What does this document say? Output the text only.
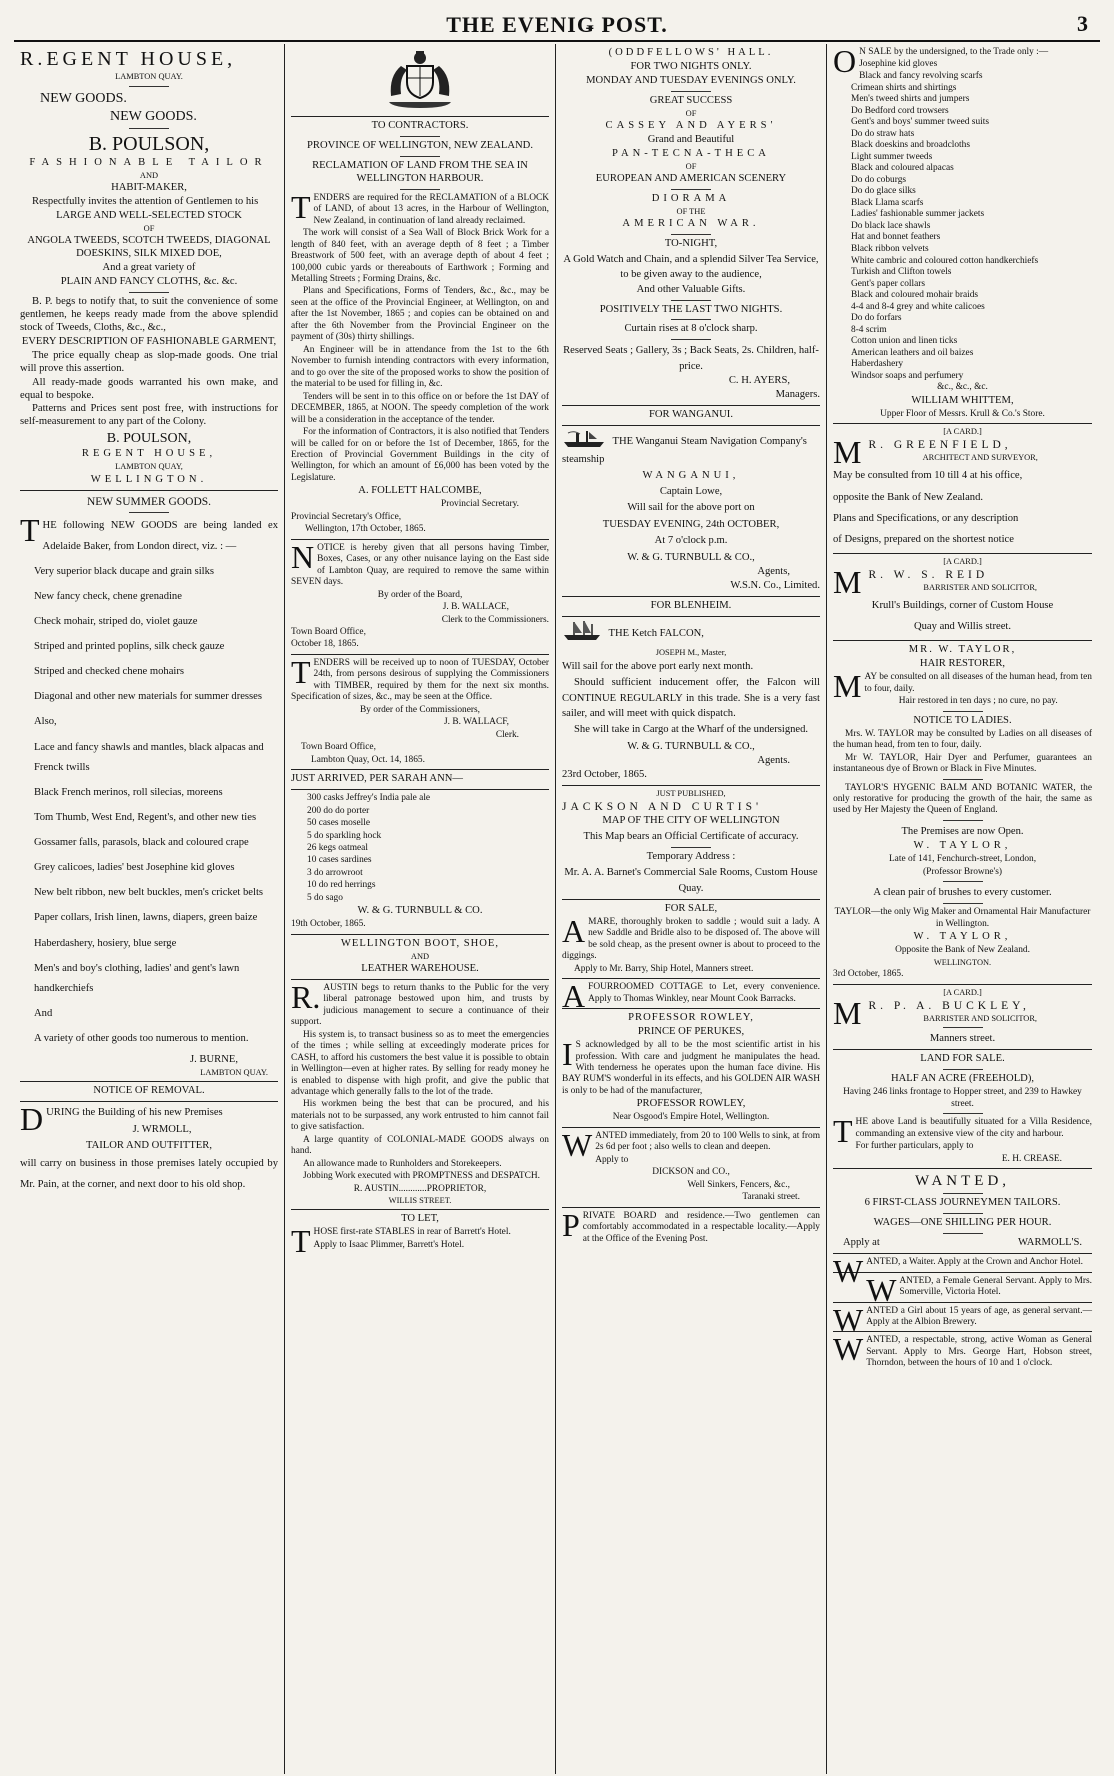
THE EVENIǤ POST.	3

R.EGENT HOUSE,

LAMBTON QUAY.

NEW GOODS.

NEW GOODS.

B. POULSON,

FASHIONABLE TAILOR

AND

HABIT-MAKER,

Respectfully invites the attention of Gentlemen to his

LARGE AND WELL-SELECTED STOCK

OF

ANGOLA TWEEDS, SCOTCH TWEEDS, DIAGONAL DOESKINS, SILK MIXED DOE,

And a great variety of

PLAIN AND FANCY CLOTHS, &c. &c.

B. P. begs to notify that, to suit the convenience of some gentlemen, he keeps ready made from the above splendid stock of Tweeds, Cloths, &c., &c.,

EVERY DESCRIPTION OF FASHIONABLE GARMENT,

The price equally cheap as slop-made goods. One trial will prove this assertion.

All ready-made goods warranted his own make, and equal to bespoke.

Patterns and Prices sent post free, with instructions for self-measurement to any part of the Colony.

B. POULSON,

REGENT HOUSE,

LAMBTON QUAY,

WELLINGTON.

NEW SUMMER GOODS.

THE following NEW GOODS are being landed ex Adelaide Baker, from London direct, viz. : —

Very superior black ducape and grain silks

New fancy check, chene grenadine

Check mohair, striped do, violet gauze

Striped and printed poplins, silk check gauze

Striped and checked chene mohairs

Diagonal and other new materials for summer dresses

Also,

Lace and fancy shawls and mantles, black alpacas and Frenck twills

Black French merinos, roll silecias, moreens

Tom Thumb, West End, Regent's, and other new ties

Gossamer falls, parasols, black and coloured crape

Grey calicoes, ladies' best Josephine kid gloves

New belt ribbon, new belt buckles, men's cricket belts

Paper collars, Irish linen, lawns, diapers, green baize

Haberdashery, hosiery, blue serge

Men's and boy's clothing, ladies' and gent's lawn handkerchiefs

And

A variety of other goods too numerous to mention.

J. BURNE,

LAMBTON QUAY.

NOTICE OF REMOVAL.

DURING the Building of his new Premises

J. WRMOLL,

TAILOR AND OUTFITTER,

will carry on business in those premises lately occupied by Mr. Pain, at the corner, and next door to his old shop.

TO CONTRACTORS.

PROVINCE OF WELLINGTON, NEW ZEALAND.

RECLAMATION OF LAND FROM THE SEA IN WELLINGTON HARBOUR.

TENDERS are required for the RECLAMATION of a BLOCK of LAND, of about 13 acres, in the Harbour of Wellington, New Zealand, in continuation of land already reclaimed.

The work will consist of a Sea Wall of Block Brick Work for a length of 840 feet, with an average depth of 8 feet ; a Timber Breastwork of 500 feet, with an average depth of about 4 feet ; 100,000 cubic yards or thereabouts of Earthwork ; Forming and Metalling Streets ; Forming Drains, &c.

Plans and Specifications, Forms of Tenders, &c., &c., may be seen at the office of the Provincial Engineer, at Wellington, on and after the 1st November, 1865 ; and copies can be obtained on and after the 6th November from the Provincial Engineer on the payment of (30s) thirty shillings.

An Engineer will be in attendance from the 1st to the 6th November to furnish intending contractors with every information, and to go over the site of the proposed works to show the position of the material to be used for filling in, &c.

Tenders will be sent in to this office on or before the 1st DAY of DECEMBER, 1865, at NOON. The speedy completion of the work will be a consideration in the acceptance of the tender.

For the information of Contractors, it is also notified that Tenders will be called for on or before the 1st of December, 1865, for the Erection of Provincial Government Buildings in the city of Wellington, for which an amount of £6,000 has been voted by the Legislature.

A. FOLLETT HALCOMBE,

Provincial Secretary.

Provincial Secretary's Office,

Wellington, 17th October, 1865.

NOTICE is hereby given that all persons having Timber, Boxes, Cases, or any other nuisance laying on the East side of Lambton Quay, are required to remove the same within SEVEN days.

By order of the Board,

J. B. WALLACE,

Clerk to the Commissioners.

Town Board Office,

October 18, 1865.

TENDERS will be received up to noon of TUESDAY, October 24th, from persons desirous of supplying the Commissioners with TIMBER, required by them for the next six months. Specification of sizes, &c., may be seen at the Office.

By order of the Commissioners,

J. B. WALLACF,

Clerk.

Town Board Office,

Lambton Quay, Oct. 14, 1865.

JUST ARRIVED, PER SARAH ANN—

300 casks Jeffrey's India pale ale

200 do do porter

50 cases moselle

5 do sparkling hock

26 kegs oatmeal

10 cases sardines

3 do arrowroot

10 do red herrings

5 do sago

W. & G. TURNBULL & CO.

19th October, 1865.

WELLINGTON BOOT, SHOE,

AND

LEATHER WAREHOUSE.

R.AUSTIN begs to return thanks to the Public for the very liberal patronage bestowed upon him, and trusts by judicious management to secure a continuance of their support.

His system is, to transact business so as to meet the emergencies of the times ; while selling at exceedingly moderate prices for CASH, to afford his customers the best value it is possible to obtain in Wellington—even at higher rates. By selling for ready money he is enabled to dispense with high profit, and give the public that advantage which generally falls to the lot of the trade.

His workmen being the best that can be procured, and his materials not to be surpassed, any work entrusted to him cannot fail to give satisfaction.

A large quantity of COLONIAL-MADE GOODS always on hand.

An allowance made to Runholders and Storekeepers.

Jobbing Work executed with PROMPTNESS and DESPATCH.

R. AUSTIN............PROPRIETOR,

WILLIS STREET.

TO LET,

THOSE first-rate STABLES in rear of Barrett's Hotel.

Apply to Isaac Plimmer, Barrett's Hotel.

(ODDFELLOWS' HALL.

FOR TWO NIGHTS ONLY.

MONDAY AND TUESDAY EVENINGS ONLY.

GREAT SUCCESS

OF

CASSEY AND AYERS'

Grand and Beautiful

PAN-TECNA-THECA

OF

EUROPEAN AND AMERICAN SCENERY

DIORAMA

OF THE

AMERICAN WAR.

TO-NIGHT,

A Gold Watch and Chain, and a splendid Silver Tea Service, to be given away to the audience,

And other Valuable Gifts.

POSITIVELY THE LAST TWO NIGHTS.

Curtain rises at 8 o'clock sharp.

Reserved Seats ; Gallery, 3s ; Back Seats, 2s. Children, half-price.

C. H. AYERS,

Managers.

FOR WANGANUI.

THE Wanganui Steam Navigation Company's steamship

WANGANUI,

Captain Lowe,

Will sail for the above port on

TUESDAY EVENING, 24th OCTOBER,

At 7 o'clock p.m.

W. & G. TURNBULL & CO.,

Agents,

W.S.N. Co., Limited.

FOR BLENHEIM.

THE Ketch FALCON,

JOSEPH M., Master,

Will sail for the above port early next month.

Should sufficient inducement offer, the Falcon will CONTINUE REGULARLY in this trade. She is a very fast sailer, and will meet with quick dispatch.

She will take in Cargo at the Wharf of the undersigned.

W. & G. TURNBULL & CO.,

Agents.

23rd October, 1865.

JUST PUBLISHED,

JACKSON AND CURTIS'

MAP OF THE CITY OF WELLINGTON

This Map bears an Official Certificate of accuracy.

Temporary Address :

Mr. A. A. Barnet's Commercial Sale Rooms, Custom House Quay.

FOR SALE,

AMARE, thoroughly broken to saddle ; would suit a lady. A new Saddle and Bridle also to be disposed of. The above will be sold cheap, as the present owner is about to proceed to the diggings.

Apply to Mr. Barry, Ship Hotel, Manners street.

AFOURROOMED COTTAGE to Let, every convenience. Apply to Thomas Winkley, near Mount Cook Barracks.

PROFESSOR ROWLEY,

PRINCE OF PERUKES,

IS acknowledged by all to be the most scientific artist in his profession. With care and judgment he manipulates the head. With tenderness he operates upon the human face divine. His BAY RUM'S wonderful in its effects, and his GOLDEN AIR WASH is only to be had of the manufacturer,

PROFESSOR ROWLEY,

Near Osgood's Empire Hotel, Wellington.

WANTED immediately, from 20 to 100 Wells to sink, at from 2s 6d per foot ; also wells to clean and deepen.

Apply to

DICKSON and CO.,

Well Sinkers, Fencers, &c.,

Taranaki street.

PRIVATE BOARD and residence.—Two gentlemen can comfortably accommodated in a respectable locality.—Apply at the Office of the Evening Post.

ON SALE by the undersigned, to the Trade only :—

Josephine kid gloves

Black and fancy revolving scarfs

Crimean shirts and shirtings

Men's tweed shirts and jumpers

Do Bedford cord trowsers

Gent's and boys' summer tweed suits

Do do straw hats

Black doeskins and broadcloths

Light summer tweeds

Black and coloured alpacas

Do do coburgs

Do do glace silks

Black Llama scarfs

Ladies' fashionable summer jackets

Do black lace shawls

Hat and bonnet feathers

Black ribbon velvets

White cambric and coloured cotton handkerchiefs

Turkish and Clifton towels

Gent's paper collars

Black and coloured mohair braids

4-4 and 8-4 grey and white calicoes

Do do forfars

8-4 scrim

Cotton union and linen ticks

American leathers and oil baizes

Haberdashery

Windsor soaps and perfumery

&c., &c., &c.

WILLIAM WHITTEM,

Upper Floor of Messrs. Krull & Co.'s Store.

[A CARD.]

MR. GREENFIELD,

ARCHITECT AND SURVEYOR,

May be consulted from 10 till 4 at his office,

opposite the Bank of New Zealand.

Plans and Specifications, or any description

of Designs, prepared on the shortest notice

[A CARD.]

MR. W. S. REID

BARRISTER AND SOLICITOR,

Krull's Buildings, corner of Custom House

Quay and Willis street.

MR. W. TAYLOR,

HAIR RESTORER,

MAY be consulted on all diseases of the human head, from ten to four, daily.

Hair restored in ten days ; no cure, no pay.

NOTICE TO LADIES.

Mrs. W. TAYLOR may be consulted by Ladies on all diseases of the human head, from ten to four, daily.

Mr W. TAYLOR, Hair Dyer and Perfumer, guarantees an instantaneous dye of Brown or Black in Five Minutes.

TAYLOR'S HYGENIC BALM AND BOTANIC WATER, the only restorative for producing the growth of the hair, the same as used by Her Majesty the Queen of England.

The Premises are now Open.

W. TAYLOR,

Late of 141, Fenchurch-street, London,

(Professor Browne's)

A clean pair of brushes to every customer.

TAYLOR—the only Wig Maker and Ornamental Hair Manufacturer in Wellington.

W. TAYLOR,

Opposite the Bank of New Zealand.

WELLINGTON.

3rd October, 1865.

[A CARD.]

MR. P. A. BUCKLEY,

BARRISTER AND SOLICITOR,

Manners street.

LAND FOR SALE.

HALF AN ACRE (FREEHOLD),

Having 246 links frontage to Hopper street, and 239 to Hawkey street.

THE above Land is beautifully situated for a Villa Residence, commanding an extensive view of the city and harbour.

For further particulars, apply to

E. H. CREASE.

WANTED,

6 FIRST-CLASS JOURNEYMEN TAILORS.

WAGES—ONE SHILLING PER HOUR.

Apply at	WARMOLL'S.

WANTED, a Waiter. Apply at the Crown and Anchor Hotel.

WANTED, a Female General Servant. Apply to Mrs. Somerville, Victoria Hotel.

WANTED a Girl about 15 years of age, as general servant.—Apply at the Albion Brewery.

WANTED, a respectable, strong, active Woman as General Servant. Apply to Mrs. George Hart, Hobson street, Thorndon, between the hours of 10 and 1 o'clock.
